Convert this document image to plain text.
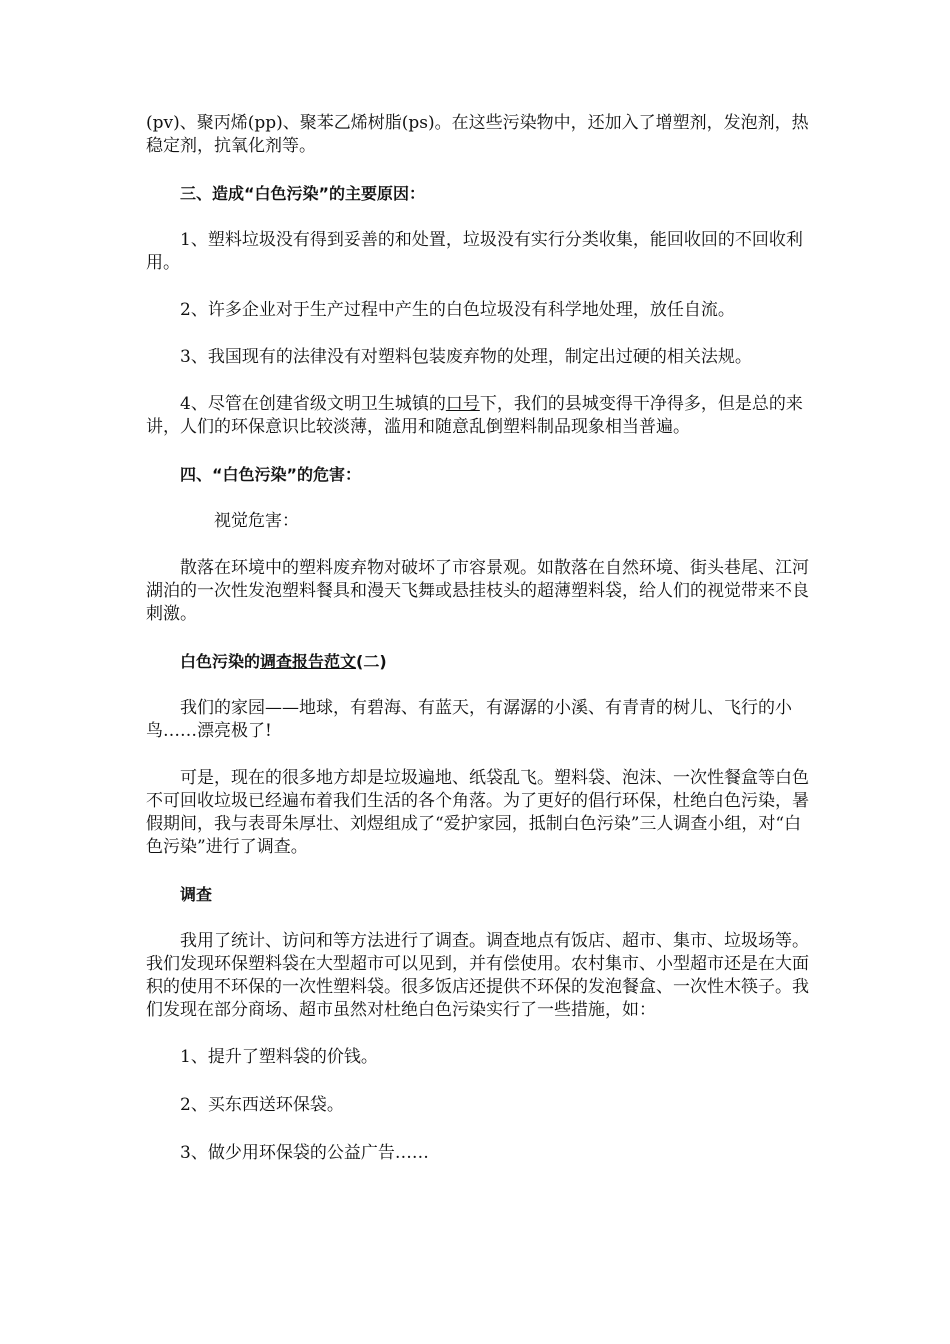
(pv)、聚丙烯(pp)、聚苯乙烯树脂(ps)。在这些污染物中，还加入了增塑剂，发泡剂，热稳定剂，抗氧化剂等。

三、造成“白色污染”的主要原因：

1、塑料垃圾没有得到妥善的和处置，垃圾没有实行分类收集，能回收回的不回收利用。

2、许多企业对于生产过程中产生的白色垃圾没有科学地处理，放任自流。

3、我国现有的法律没有对塑料包装废弃物的处理，制定出过硬的相关法规。

4、尽管在创建省级文明卫生城镇的口号下，我们的县城变得干净得多，但是总的来讲，人们的环保意识比较淡薄，滥用和随意乱倒塑料制品现象相当普遍。

四、“白色污染”的危害：

视觉危害：

散落在环境中的塑料废弃物对破坏了市容景观。如散落在自然环境、街头巷尾、江河湖泊的一次性发泡塑料餐具和漫天飞舞或悬挂枝头的超薄塑料袋，给人们的视觉带来不良刺激。

白色污染的调查报告范文(二)

我们的家园——地球，有碧海、有蓝天，有潺潺的小溪、有青青的树儿、飞行的小鸟……漂亮极了!

可是，现在的很多地方却是垃圾遍地、纸袋乱飞。塑料袋、泡沫、一次性餐盒等白色不可回收垃圾已经遍布着我们生活的各个角落。为了更好的倡行环保，杜绝白色污染，暑假期间，我与表哥朱厚壮、刘煜组成了“爱护家园，抵制白色污染”三人调查小组，对“白色污染”进行了调查。

调查

我用了统计、访问和等方法进行了调查。调查地点有饭店、超市、集市、垃圾场等。我们发现环保塑料袋在大型超市可以见到，并有偿使用。农村集市、小型超市还是在大面积的使用不环保的一次性塑料袋。很多饭店还提供不环保的发泡餐盒、一次性木筷子。我们发现在部分商场、超市虽然对杜绝白色污染实行了一些措施，如：

1、提升了塑料袋的价钱。

2、买东西送环保袋。

3、做少用环保袋的公益广告……
